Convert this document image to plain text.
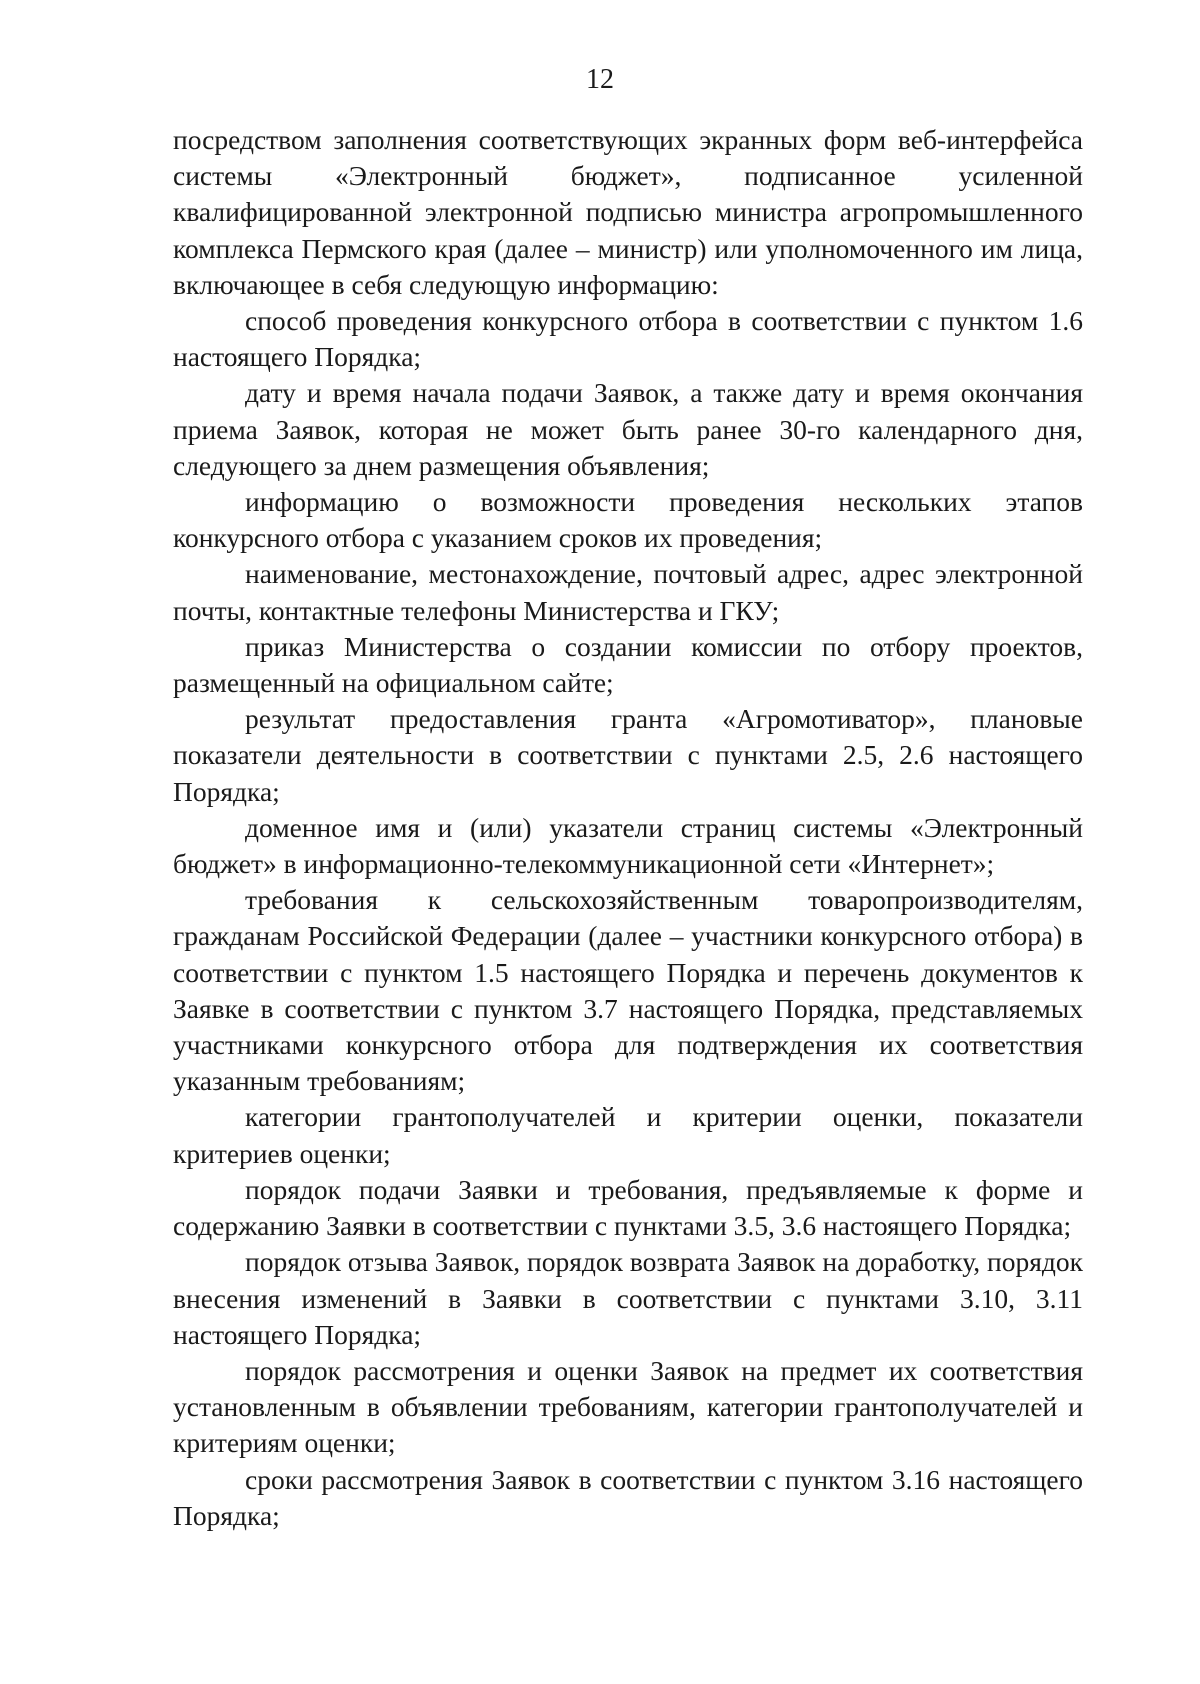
12

посредством заполнения соответствующих экранных форм веб-интерфейса системы «Электронный бюджет», подписанное усиленной квалифицированной электронной подписью министра агропромышленного комплекса Пермского края (далее – министр) или уполномоченного им лица, включающее в себя следующую информацию:

способ проведения конкурсного отбора в соответствии с пунктом 1.6 настоящего Порядка;

дату и время начала подачи Заявок, а также дату и время окончания приема Заявок, которая не может быть ранее 30-го календарного дня, следующего за днем размещения объявления;

информацию о возможности проведения нескольких этапов конкурсного отбора с указанием сроков их проведения;

наименование, местонахождение, почтовый адрес, адрес электронной почты, контактные телефоны Министерства и ГКУ;

приказ Министерства о создании комиссии по отбору проектов, размещенный на официальном сайте;

результат предоставления гранта «Агромотиватор», плановые показатели деятельности в соответствии с пунктами 2.5, 2.6 настоящего Порядка;

доменное имя и (или) указатели страниц системы «Электронный бюджет» в информационно-телекоммуникационной сети «Интернет»;

требования к сельскохозяйственным товаропроизводителям, гражданам Российской Федерации (далее – участники конкурсного отбора) в соответствии с пунктом 1.5 настоящего Порядка и перечень документов к Заявке в соответствии с пунктом 3.7 настоящего Порядка, представляемых участниками конкурсного отбора для подтверждения их соответствия указанным требованиям;

категории грантополучателей и критерии оценки, показатели критериев оценки;

порядок подачи Заявки и требования, предъявляемые к форме и содержанию Заявки в соответствии с пунктами 3.5, 3.6 настоящего Порядка;

порядок отзыва Заявок, порядок возврата Заявок на доработку, порядок внесения изменений в Заявки в соответствии с пунктами 3.10, 3.11 настоящего Порядка;

порядок рассмотрения и оценки Заявок на предмет их соответствия установленным в объявлении требованиям, категории грантополучателей и критериям оценки;

сроки рассмотрения Заявок в соответствии с пунктом 3.16 настоящего Порядка;
